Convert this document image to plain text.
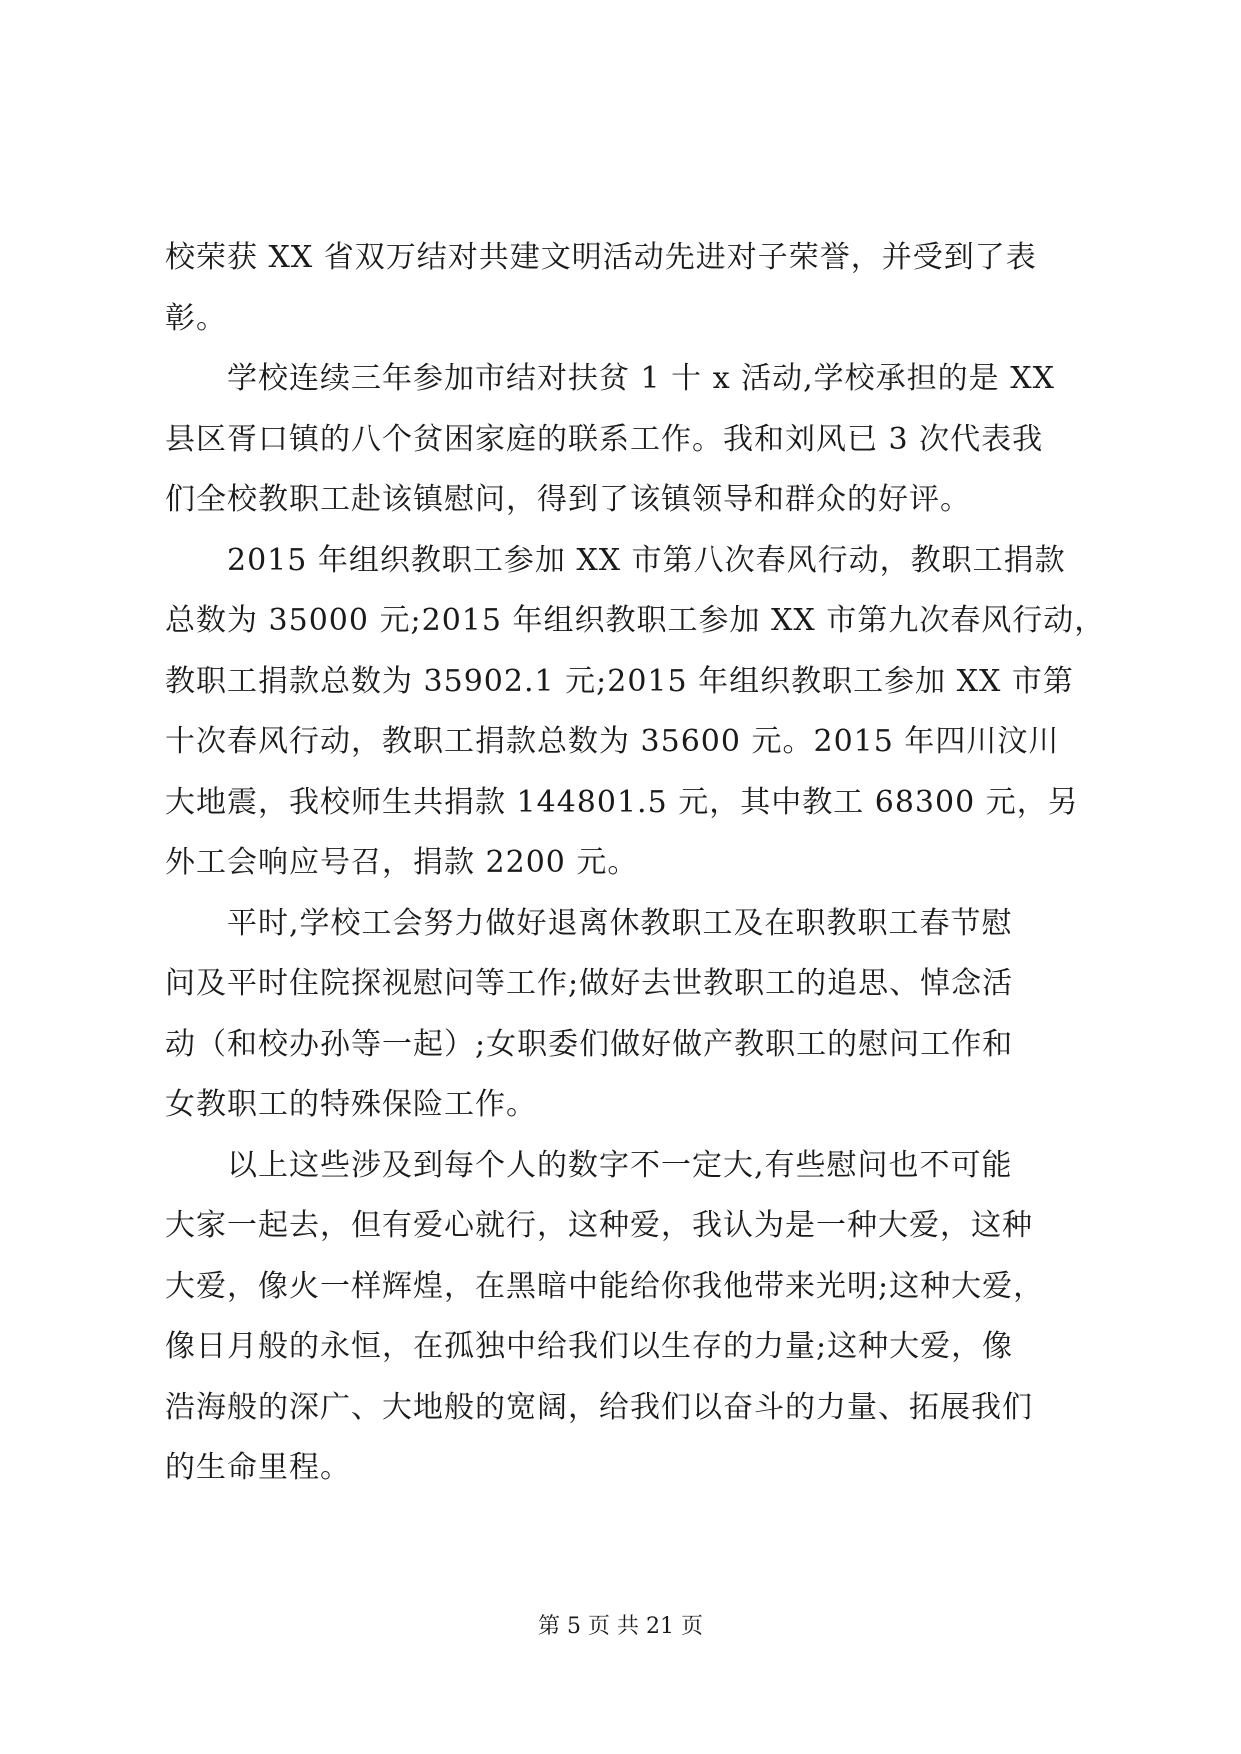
校荣获 XX 省双万结对共建文明活动先进对子荣誉，并受到了表
彰。
　　学校连续三年参加市结对扶贫 1 十 x 活动,学校承担的是 XX
县区胥口镇的八个贫困家庭的联系工作。我和刘风已 3 次代表我
们全校教职工赴该镇慰问，得到了该镇领导和群众的好评。
　　2015 年组织教职工参加 XX 市第八次春风行动，教职工捐款
总数为 35000 元;2015 年组织教职工参加 XX 市第九次春风行动，
教职工捐款总数为 35902.1 元;2015 年组织教职工参加 XX 市第
十次春风行动，教职工捐款总数为 35600 元。2015 年四川汶川
大地震，我校师生共捐款 144801.5 元，其中教工 68300 元，另
外工会响应号召，捐款 2200 元。
　　平时,学校工会努力做好退离休教职工及在职教职工春节慰
问及平时住院探视慰问等工作;做好去世教职工的追思、悼念活
动（和校办孙等一起）;女职委们做好做产教职工的慰问工作和
女教职工的特殊保险工作。
　　以上这些涉及到每个人的数字不一定大,有些慰问也不可能
大家一起去，但有爱心就行，这种爱，我认为是一种大爱，这种
大爱，像火一样辉煌，在黑暗中能给你我他带来光明;这种大爱，
像日月般的永恒，在孤独中给我们以生存的力量;这种大爱，像
浩海般的深广、大地般的宽阔，给我们以奋斗的力量、拓展我们
的生命里程。
第 5 页 共 21 页
